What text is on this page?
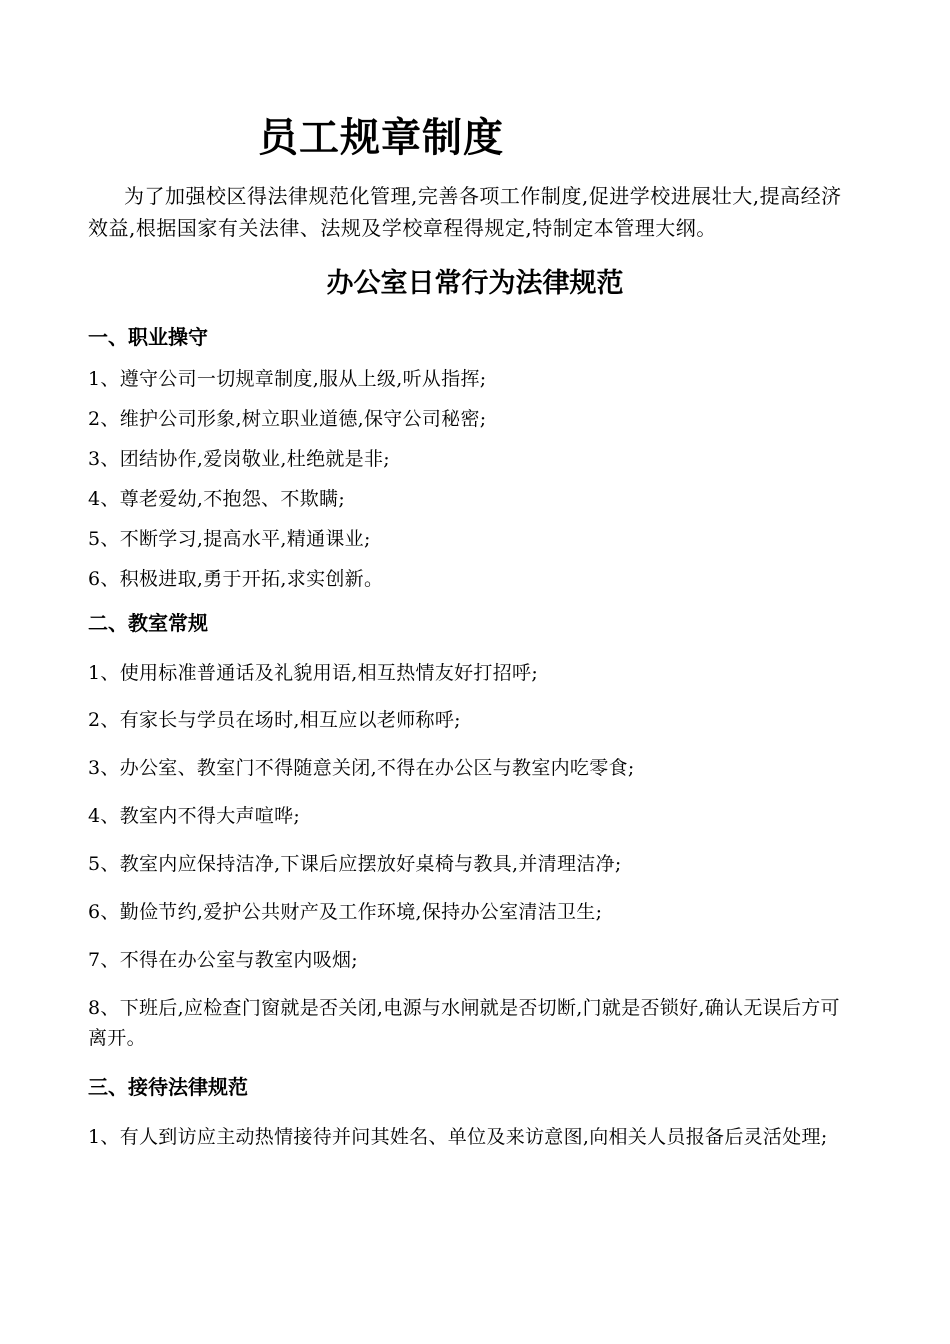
员工规章制度
为了加强校区得法律规范化管理,完善各项工作制度,促进学校进展壮大,提高经济效益,根据国家有关法律、法规及学校章程得规定,特制定本管理大纲。
办公室日常行为法律规范
一、职业操守
1、遵守公司一切规章制度,服从上级,听从指挥;
2、维护公司形象,树立职业道德,保守公司秘密;
3、团结协作,爱岗敬业,杜绝就是非;
4、尊老爱幼,不抱怨、不欺瞒;
5、不断学习,提高水平,精通课业;
6、积极进取,勇于开拓,求实创新。
二、教室常规
1、使用标准普通话及礼貌用语,相互热情友好打招呼;
2、有家长与学员在场时,相互应以老师称呼;
3、办公室、教室门不得随意关闭,不得在办公区与教室内吃零食;
4、教室内不得大声喧哗;
5、教室内应保持洁净,下课后应摆放好桌椅与教具,并清理洁净;
6、勤俭节约,爱护公共财产及工作环境,保持办公室清洁卫生;
7、不得在办公室与教室内吸烟;
8、下班后,应检查门窗就是否关闭,电源与水闸就是否切断,门就是否锁好,确认无误后方可离开。
三、接待法律规范
1、有人到访应主动热情接待并问其姓名、单位及来访意图,向相关人员报备后灵活处理;
